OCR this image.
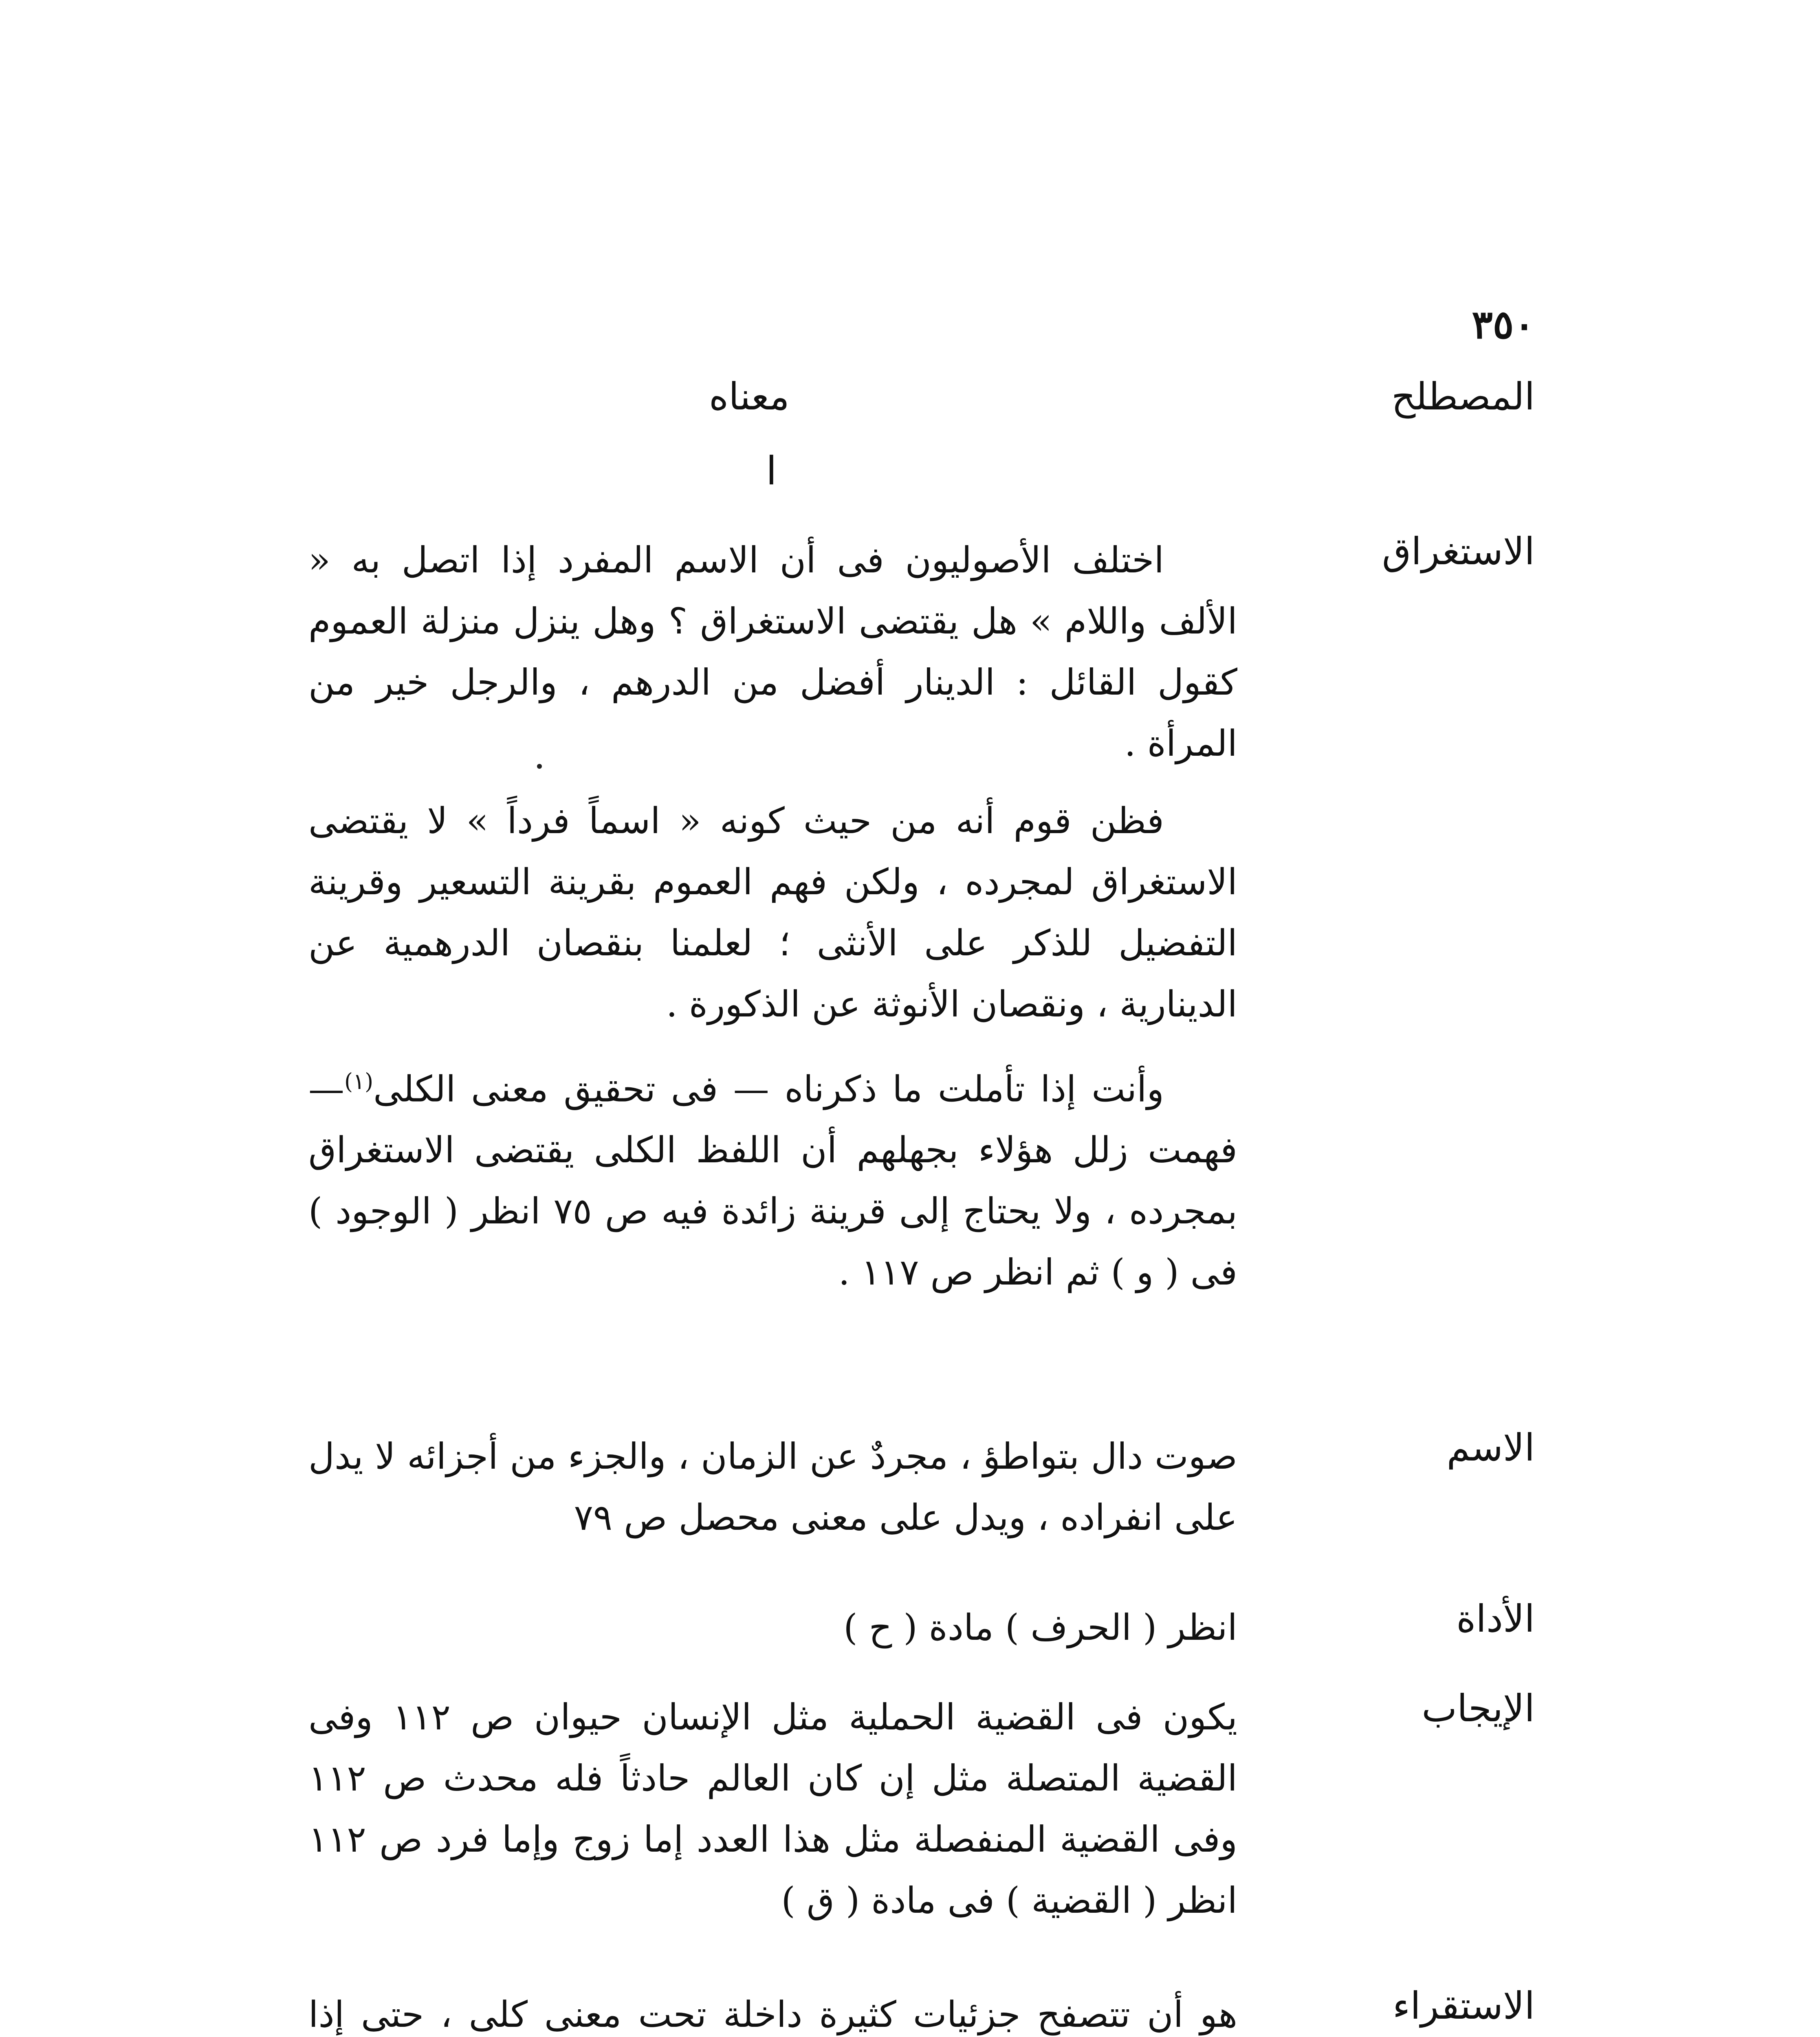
٣٥٠
المصطلح
معناه
ا
الاستغراق

اختلف الأصوليون فى أن الاسم المفرد إذا اتصل به « الألف واللام » هل يقتضى الاستغراق ؟ وهل ينزل منزلة العموم كقول القائل : الدينار أفضل من الدرهم ، والرجل خير من المرأة .

فظن قوم أنه من حيث كونه « اسماً فرداً » لا يقتضى الاستغراق لمجرده ، ولكن فهم العموم بقرينة التسعير وقرينة التفضيل للذكر على الأنثى ؛ لعلمنا بنقصان الدرهمية عن الدينارية ، ونقصان الأنوثة عن الذكورة .

وأنت إذا تأملت ما ذكرناه — فى تحقيق معنى الكلى$^{(١)}$— فهمت زلل هؤلاء بجهلهم أن اللفظ الكلى يقتضى الاستغراق بمجرده ، ولا يحتاج إلى قرينة زائدة فيه ص ٧٥ انظر ( الوجود ) فى ( و ) ثم انظر ص ١١٧ .

الاسم

صوت دال بتواطؤ ، مجردٌ عن الزمان ، والجزء من أجزائه لا يدل على انفراده ، ويدل على معنى محصل ص ٧٩

الأداة

انظر ( الحرف ) مادة ( ح )

الإيجاب

يكون فى القضية الحملية مثل الإنسان حيوان ص ١١٢ وفى القضية المتصلة مثل إن كان العالم حادثاً فله محدث ص ١١٢ وفى القضية المنفصلة مثل هذا العدد إما زوج وإما فرد ص ١١٢ انظر ( القضية ) فى مادة ( ق )

الاستقراء

هو أن تتصفح جزئيات كثيرة داخلة تحت معنى كلى ، حتى إذا
